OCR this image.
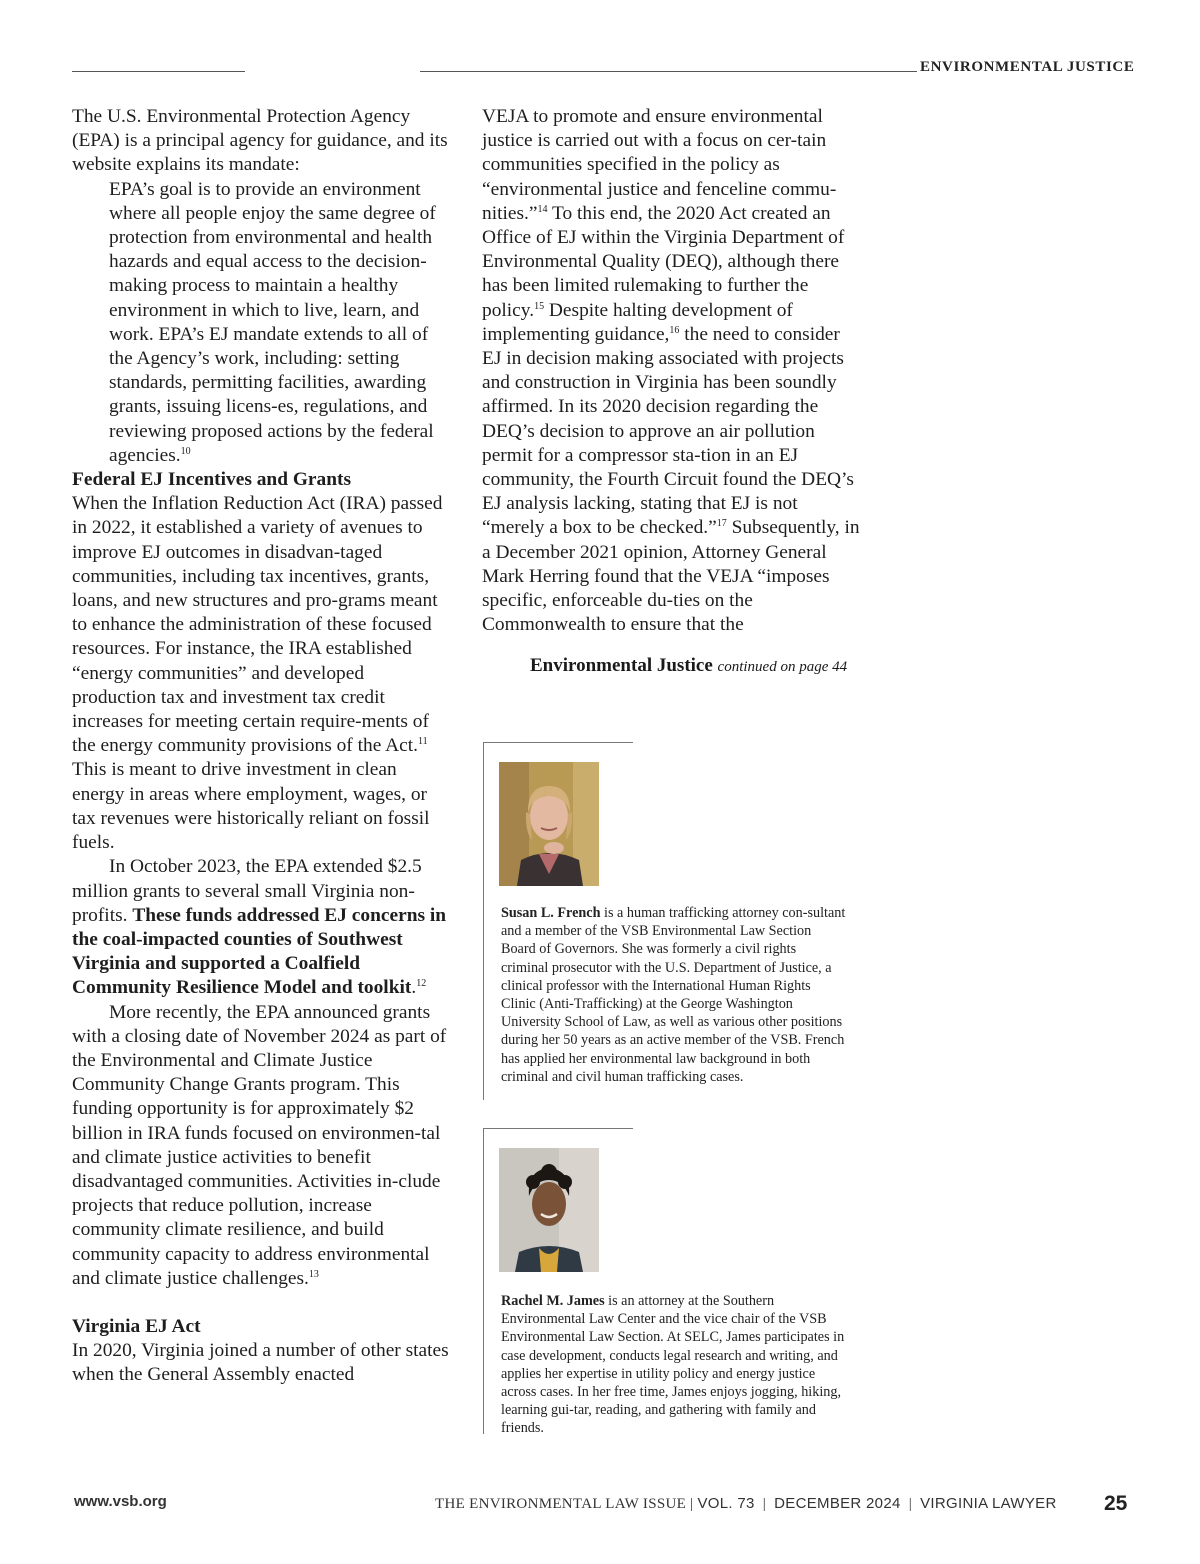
ENVIRONMENTAL JUSTICE

The U.S. Environmental Protection Agency (EPA) is a principal agency for guidance, and its website explains its mandate:

EPA’s goal is to provide an environment where all people enjoy the same degree of protection from environmental and health hazards and equal access to the decision-making process to maintain a healthy environment in which to live, learn, and work. EPA’s EJ mandate extends to all of the Agency’s work, including: setting standards, permitting facilities, awarding grants, issuing licens-es, regulations, and reviewing proposed actions by the federal agencies.$^{10}$

Federal EJ Incentives and Grants

When the Inflation Reduction Act (IRA) passed in 2022, it established a variety of avenues to improve EJ outcomes in disadvan-taged communities, including tax incentives, grants, loans, and new structures and pro-grams meant to enhance the administration of these focused resources. For instance, the IRA established “energy communities” and developed production tax and investment tax credit increases for meeting certain require-ments of the energy community provisions of the Act.$^{11}$ This is meant to drive investment in clean energy in areas where employment, wages, or tax revenues were historically reliant on fossil fuels.

In October 2023, the EPA extended $2.5 million grants to several small Virginia non-profits. These funds addressed EJ concerns in the coal-impacted counties of Southwest Virginia and supported a Coalfield Community Resilience Model and toolkit.$^{12}$

More recently, the EPA announced grants with a closing date of November 2024 as part of the Environmental and Climate Justice Community Change Grants program. This funding opportunity is for approximately $2 billion in IRA funds focused on environmen-tal and climate justice activities to benefit disadvantaged communities. Activities in-clude projects that reduce pollution, increase community climate resilience, and build community capacity to address environmental and climate justice challenges.$^{13}$

Virginia EJ Act

In 2020, Virginia joined a number of other states when the General Assembly enacted

VEJA to promote and ensure environmental justice is carried out with a focus on cer-tain communities specified in the policy as “environmental justice and fenceline commu-nities.”$^{14}$ To this end, the 2020 Act created an Office of EJ within the Virginia Department of Environmental Quality (DEQ), although there has been limited rulemaking to further the policy.$^{15}$ Despite halting development of implementing guidance,$^{16}$ the need to consider EJ in decision making associated with projects and construction in Virginia has been soundly affirmed. In its 2020 decision regarding the DEQ’s decision to approve an air pollution permit for a compressor sta-tion in an EJ community, the Fourth Circuit found the DEQ’s EJ analysis lacking, stating that EJ is not “merely a box to be checked.”$^{17}$ Subsequently, in a December 2021 opinion, Attorney General Mark Herring found that the VEJA “imposes specific, enforceable du-ties on the Commonwealth to ensure that the

Environmental Justice continued on page 44

Susan L. French is a human trafficking attorney con-sultant and a member of the VSB Environmental Law Section Board of Governors. She was formerly a civil rights criminal prosecutor with the U.S. Department of Justice, a clinical professor with the International Human Rights Clinic (Anti-Trafficking) at the George Washington University School of Law, as well as various other positions during her 50 years as an active member of the VSB. French has applied her environmental law background in both criminal and civil human trafficking cases.

Rachel M. James is an attorney at the Southern Environmental Law Center and the vice chair of the VSB Environmental Law Section. At SELC, James participates in case development, conducts legal research and writing, and applies her expertise in utility policy and energy justice across cases. In her free time, James enjoys jogging, hiking, learning gui-tar, reading, and gathering with family and friends.

www.vsb.org	THE ENVIRONMENTAL LAW ISSUE | VOL. 73  |  DECEMBER 2024  |  VIRGINIA LAWYER 25
